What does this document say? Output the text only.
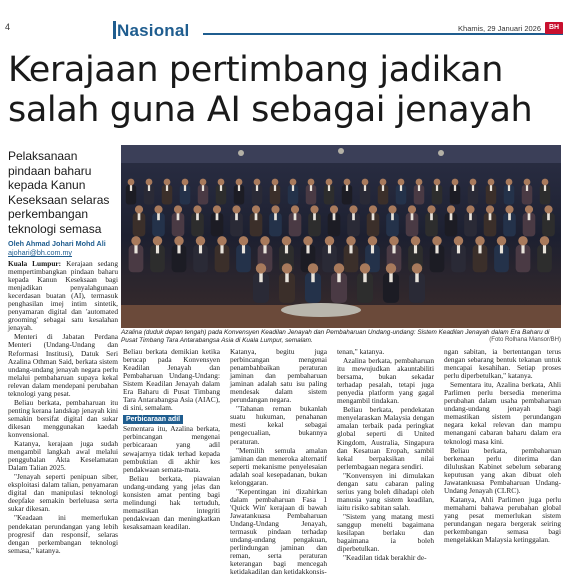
4	Nasional	Khamis, 29 Januari 2026	BH
Kerajaan pertimbang jadikan
salah guna AI sebagai jenayah
Pelaksanaan pindaan baharu kepada Kanun Keseksaan selaras perkembangan teknologi semasa
Oleh Ahmad Johari Mohd Ali
ajohari@bh.com.my
Azalina (duduk depan tengah) pada Konvensyen Keadilan Jenayah dan Pembaharuan Undang-undang: Sistem Keadilan Jenayah dalam Era Baharu di Pusat Timbang Tara Antarabangsa Asia di Kuala Lumpur, semalam.	(Foto Rolhana Mansor/BH)

Kuala Lumpur: Kerajaan sedang mempertimbangkan pindaan baharu kepada Kanun Keseksaan bagi menjadikan penyalahgunaan kecerdasan buatan (AI), termasuk penghasilan imej intim sintetik, penyamaran digital dan 'automated grooming' sebagai satu kesalahan jenayah.

Menteri di Jabatan Perdana Menteri (Undang-Undang dan Reformasi Institusi), Datuk Seri Azalina Othman Said, berkata sistem undang-undang jenayah negara perlu melalui pembaharuan supaya kekal relevan dalam mendepani perubahan teknologi yang pesat.

Beliau berkata, pembaharuan itu penting kerana landskap jenayah kini semakin bersifat digital dan sukar dikesan menggunakan kaedah konvensional.

Katanya, kerajaan juga sudah mengambil langkah awal melalui penggubalan Akta Keselamatan Dalam Talian 2025.

"Jenayah seperti penipuan siber, eksploitasi dalam talian, penyamaran digital dan manipulasi teknologi deepfake semakin berleluasa serta sukar dikesan.

"Keadaan ini memerlukan pendekatan perundangan yang lebih progresif dan responsif, selaras dengan perkembangan teknologi semasa," katanya.

Beliau berkata demikian ketika berucap pada Konvensyen Keadilan Jenayah dan Pembaharuan Undang-Undang: Sistem Keadilan Jenayah dalam Era Baharu di Pusat Timbang Tara Antarabangsa Asia (AIAC), di sini, semalam.

Perbicaraan adil

Sementara itu, Azalina berkata, perbincangan mengenai perbicaraan yang adil sewajarnya tidak terhad kepada pembuktian di akhir kes pendakwaan semata-mata.

Beliau berkata, piawaian undang-undang yang jelas dan konsisten amat penting bagi melindungi hak tertuduh, memastikan integriti pendakwaan dan meningkatkan kesaksamaan keadilan.

Katanya, begitu juga perbincangan mengenai penambahbaikan peraturan jaminan dan pembaharuan jaminan adalah satu isu paling mendesak dalam sistem perundangan negara.

"Tahanan reman bukanlah suatu hukuman, penahanan mesti kekal sebagai pengecualian, bukannya peraturan.

"Memilih semula amalan jaminan dan meneroka alternatif seperti mekanisme penyelesaian adalah soal kesepadanan, bukan kelonggaran.

"Kepentingan ini dizahirkan dalam pembaharuan Fasa 1 'Quick Win' kerajaan di bawah Jawatankuasa Pembaharuan Undang-Undang Jenayah, termasuk pindaan terhadap undang-undang pengakuan, perlindungan jaminan dan reman, serta peraturan keterangan bagi mencegah ketidakadilan dan ketidakkonsis-

tenan," katanya.

Azalina berkata, pembaharuan itu mewujudkan akauntabiliti bersama, bukan sekadar terhadap pesalah, tetapi juga penyedia platform yang gagal mengambil tindakan.

Beliau berkata, pendekatan menyelaraskan Malaysia dengan amalan terbaik pada peringkat global seperti di United Kingdom, Australia, Singapura dan Kesatuan Eropah, sambil kekal berpaksikan nilai perlembagaan negara sendiri.

"Konvensyen ini dimulakan dengan satu cabaran paling serius yang boleh dihadapi oleh manusia yang sistem keadilan, iaitu risiko sabitan salah.

"Sistem yang matang mesti sanggup menelti bagaimana kesilapan berlaku dan bagaimana ia boleh diperbetulkan.

"Keadilan tidak berakhir de-

ngan sabitan, ia bertentangan terus dengan sebarang bentuk tekanan untuk mencapai kesahihan. Setiap proses perlu diperbetulkan," katanya.

Sementara itu, Azalina berkata, Ahli Parlimen perlu bersedia menerima perubahan dalam usaha pembaharuan undang-undang jenayah bagi memastikan sistem perundangan negara kekal relevan dan mampu menangani cabaran baharu dalam era teknologi masa kini.

Beliau berkata, pembaharuan berkenaan perlu diterima dan diluluskan Kabinet sebelum sebarang keputusan yang akan dibuat oleh Jawatankuasa Pembaharuan Undang-Undang Jenayah (CLRC).

Katanya, Ahli Parlimen juga perlu memahami bahawa perubahan global yang pesat memerlukan sistem perundangan negara bergerak seiring perkembangan semasa bagi mengelakkan Malaysia ketinggalan.
